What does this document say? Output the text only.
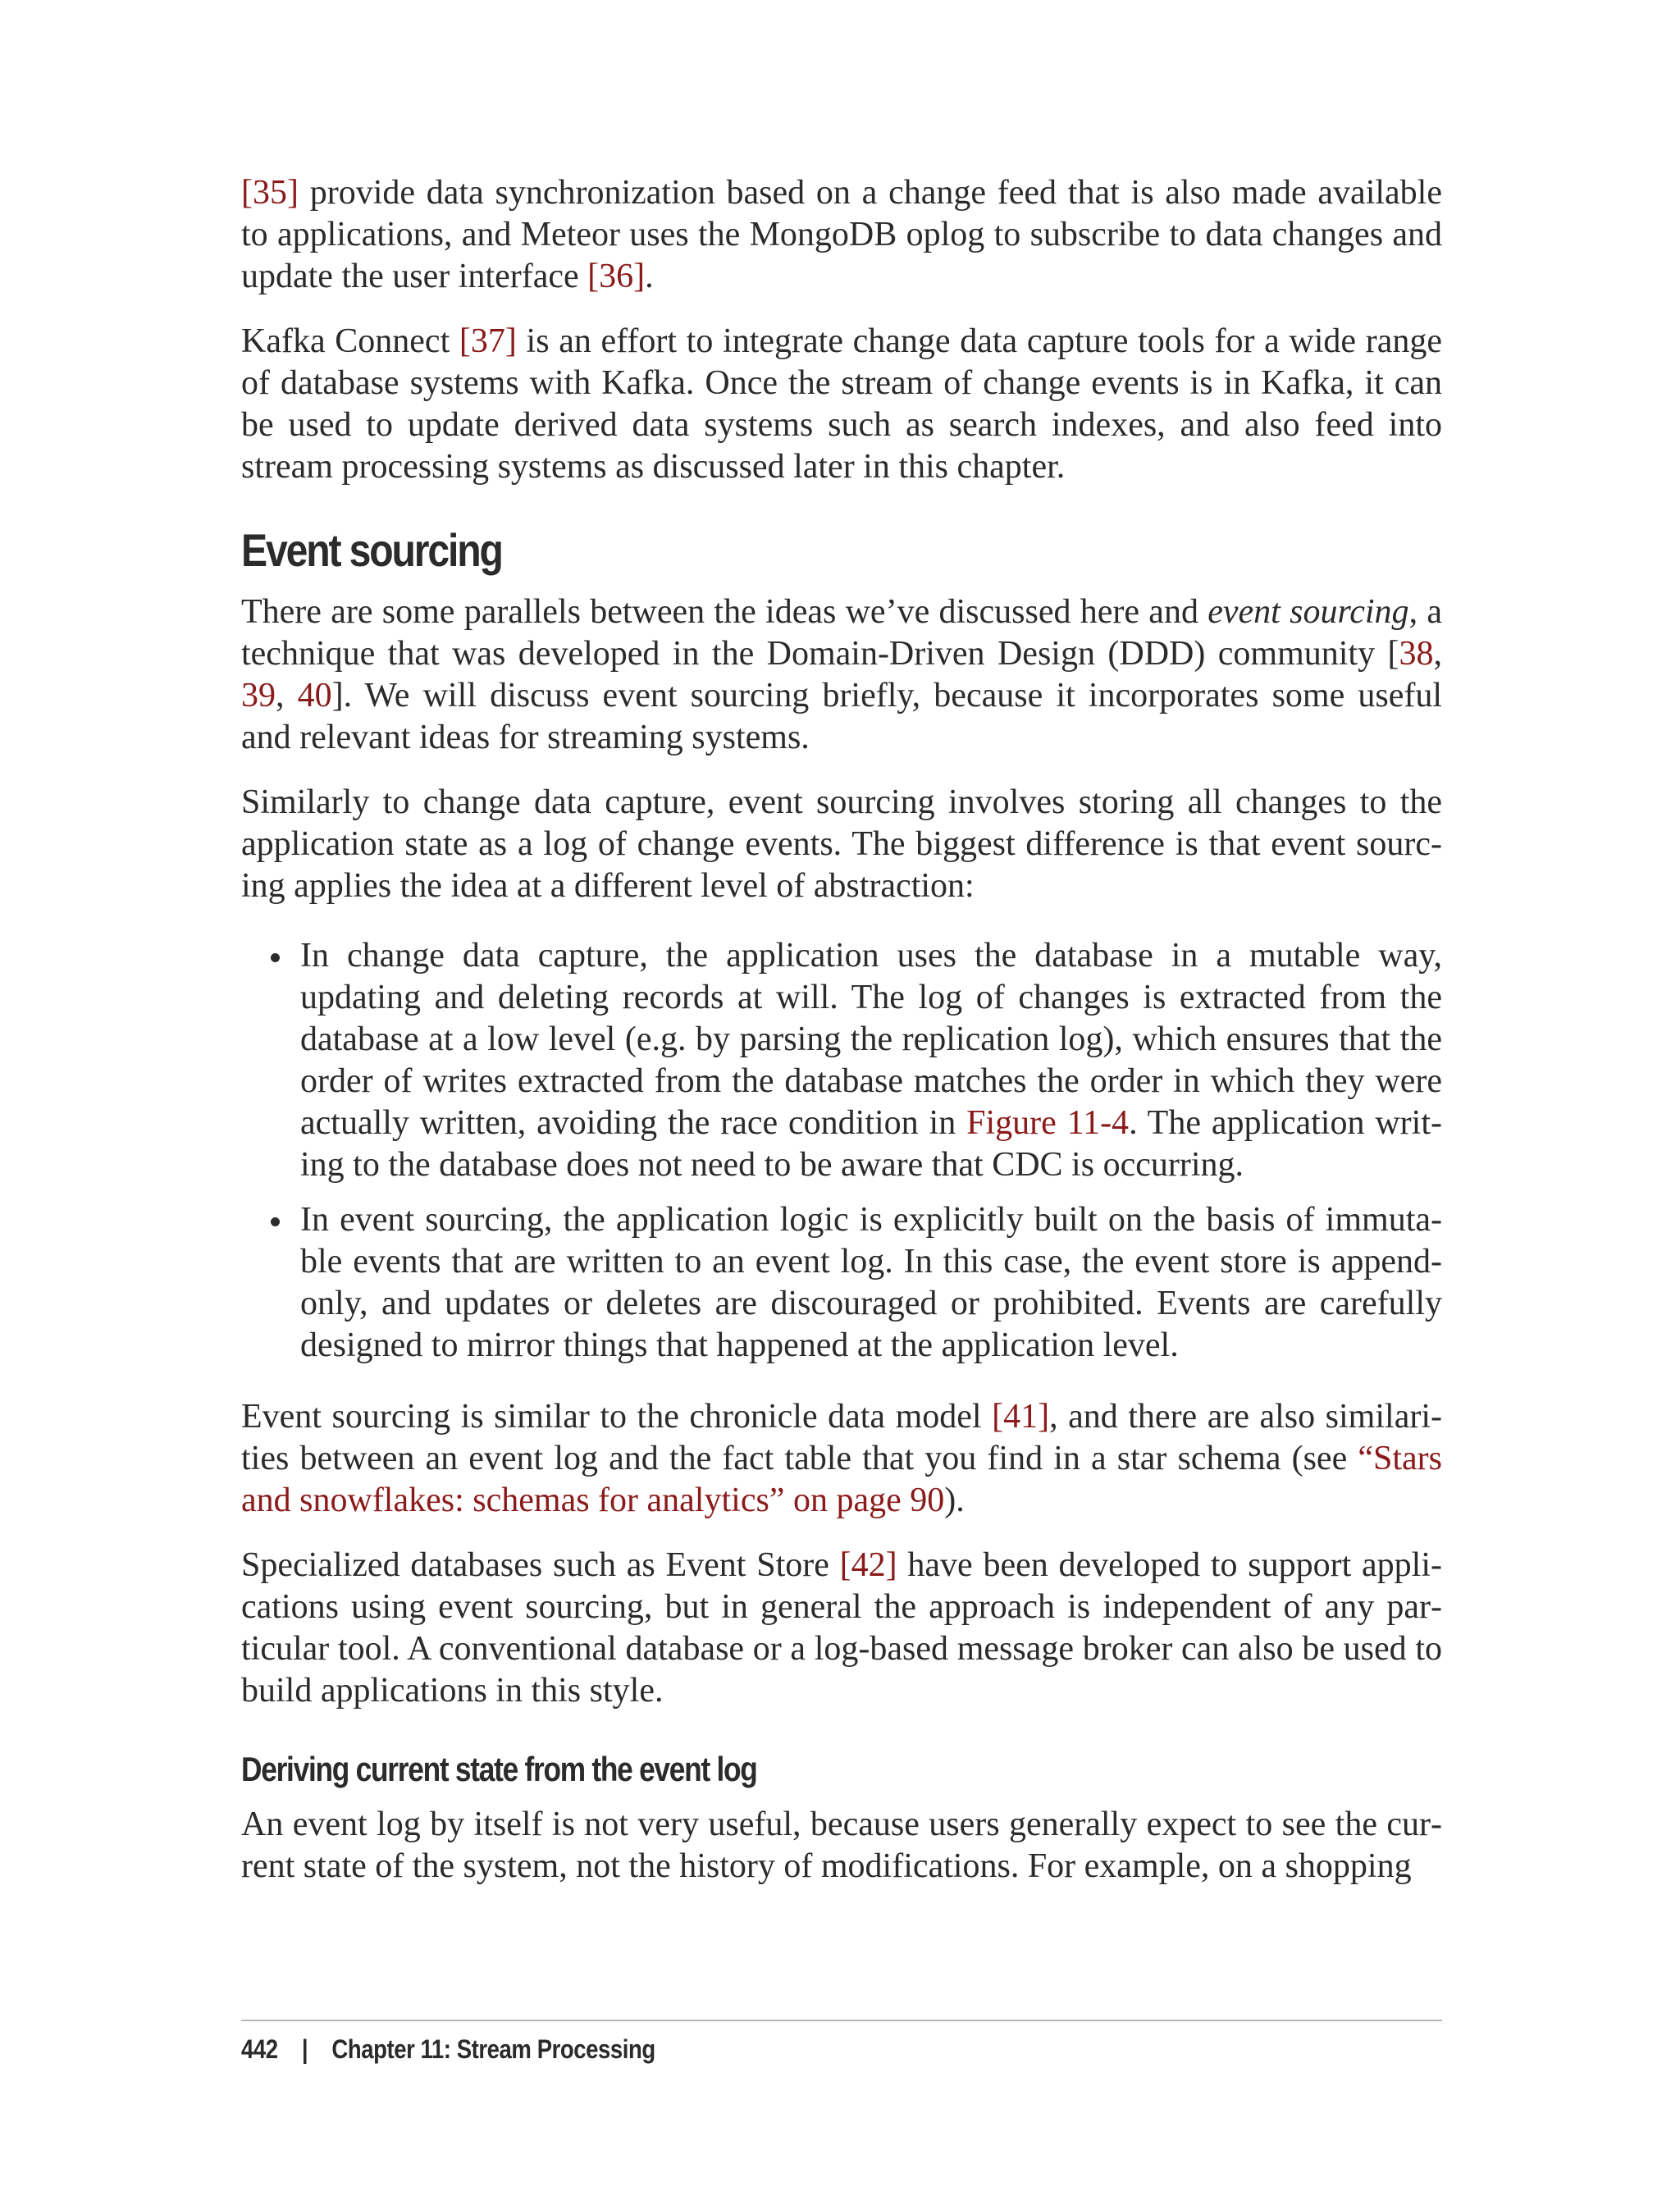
[35] provide data synchronization based on a change feed that is also made available to applications, and Meteor uses the MongoDB oplog to subscribe to data changes and update the user interface [36].

Kafka Connect [37] is an effort to integrate change data capture tools for a wide range of database systems with Kafka. Once the stream of change events is in Kafka, it can be used to update derived data systems such as search indexes, and also feed into stream processing systems as discussed later in this chapter.

Event sourcing

There are some parallels between the ideas we’ve discussed here and event sourcing, a technique that was developed in the Domain-Driven Design (DDD) community [38, 39, 40]. We will discuss event sourcing briefly, because it incorporates some useful and relevant ideas for streaming systems.

Similarly to change data capture, event sourcing involves storing all changes to the application state as a log of change events. The biggest difference is that event sourcing applies the idea at a different level of abstraction:

In change data capture, the application uses the database in a mutable way, updating and deleting records at will. The log of changes is extracted from the database at a low level (e.g. by parsing the replication log), which ensures that the order of writes extracted from the database matches the order in which they were actually written, avoiding the race condition in Figure 11-4. The application writing to the database does not need to be aware that CDC is occurring.
In event sourcing, the application logic is explicitly built on the basis of immutable events that are written to an event log. In this case, the event store is append-only, and updates or deletes are discouraged or prohibited. Events are carefully designed to mirror things that happened at the application level.

Event sourcing is similar to the chronicle data model [41], and there are also similarities between an event log and the fact table that you find in a star schema (see “Stars and snowflakes: schemas for analytics” on page 90).

Specialized databases such as Event Store [42] have been developed to support applications using event sourcing, but in general the approach is independent of any particular tool. A conventional database or a log-based message broker can also be used to build applications in this style.

Deriving current state from the event log

An event log by itself is not very useful, because users generally expect to see the current state of the system, not the history of modifications. For example, on a shopping

442 | Chapter 11: Stream Processing
